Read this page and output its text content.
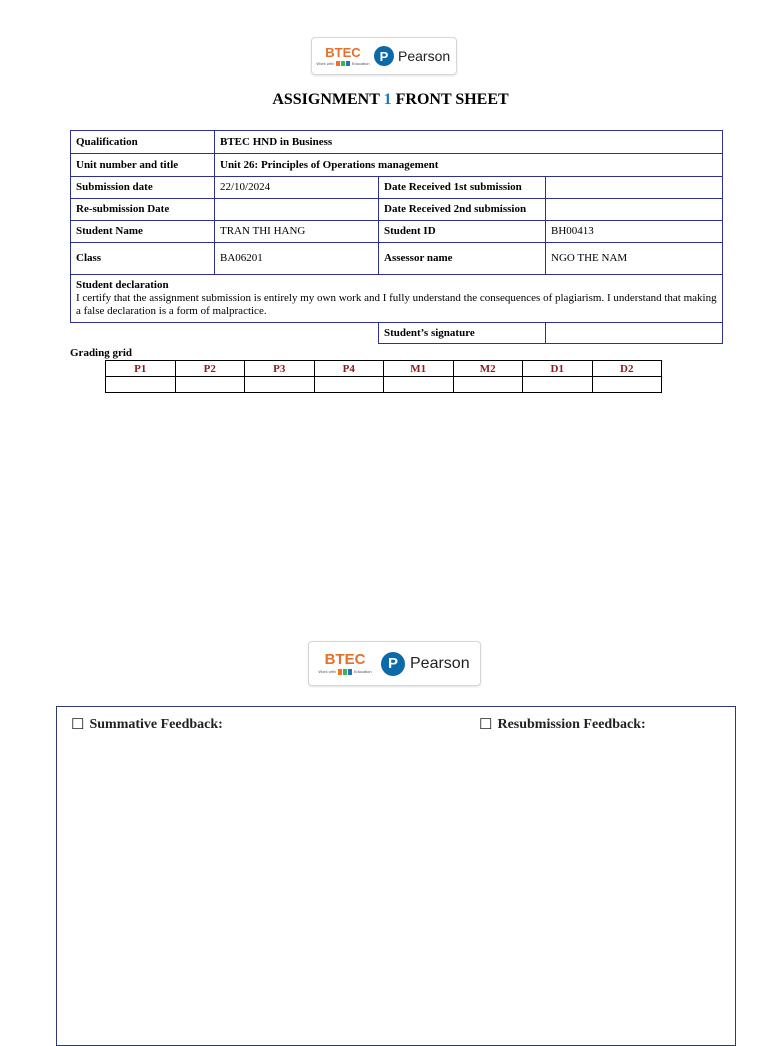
BTEC
Work with	Education P Pearson
ASSIGNMENT 1 FRONT SHEET
Qualification	BTEC HND in Business		
Unit number and title	Unit 26: Principles of Operations management		
Submission date	22/10/2024	Date Received 1st submission	
Re-submission Date		Date Received 2nd submission	
Student Name	TRAN THI HANG	Student ID	BH00413
Class	BA06201	Assessor name	NGO THE NAM

Student declaration
I certify that the assignment submission is entirely my own work and I fully understand the consequences of plagiarism. I understand that making a false declaration is a form of malpractice.			

		Student’s signature	
Grading grid
P1	P2	P3	P4	M1	M2	D1	D2

BTEC
Work with	Education	P Pearson
☐ Summative Feedback:	☐ Resubmission Feedback:
